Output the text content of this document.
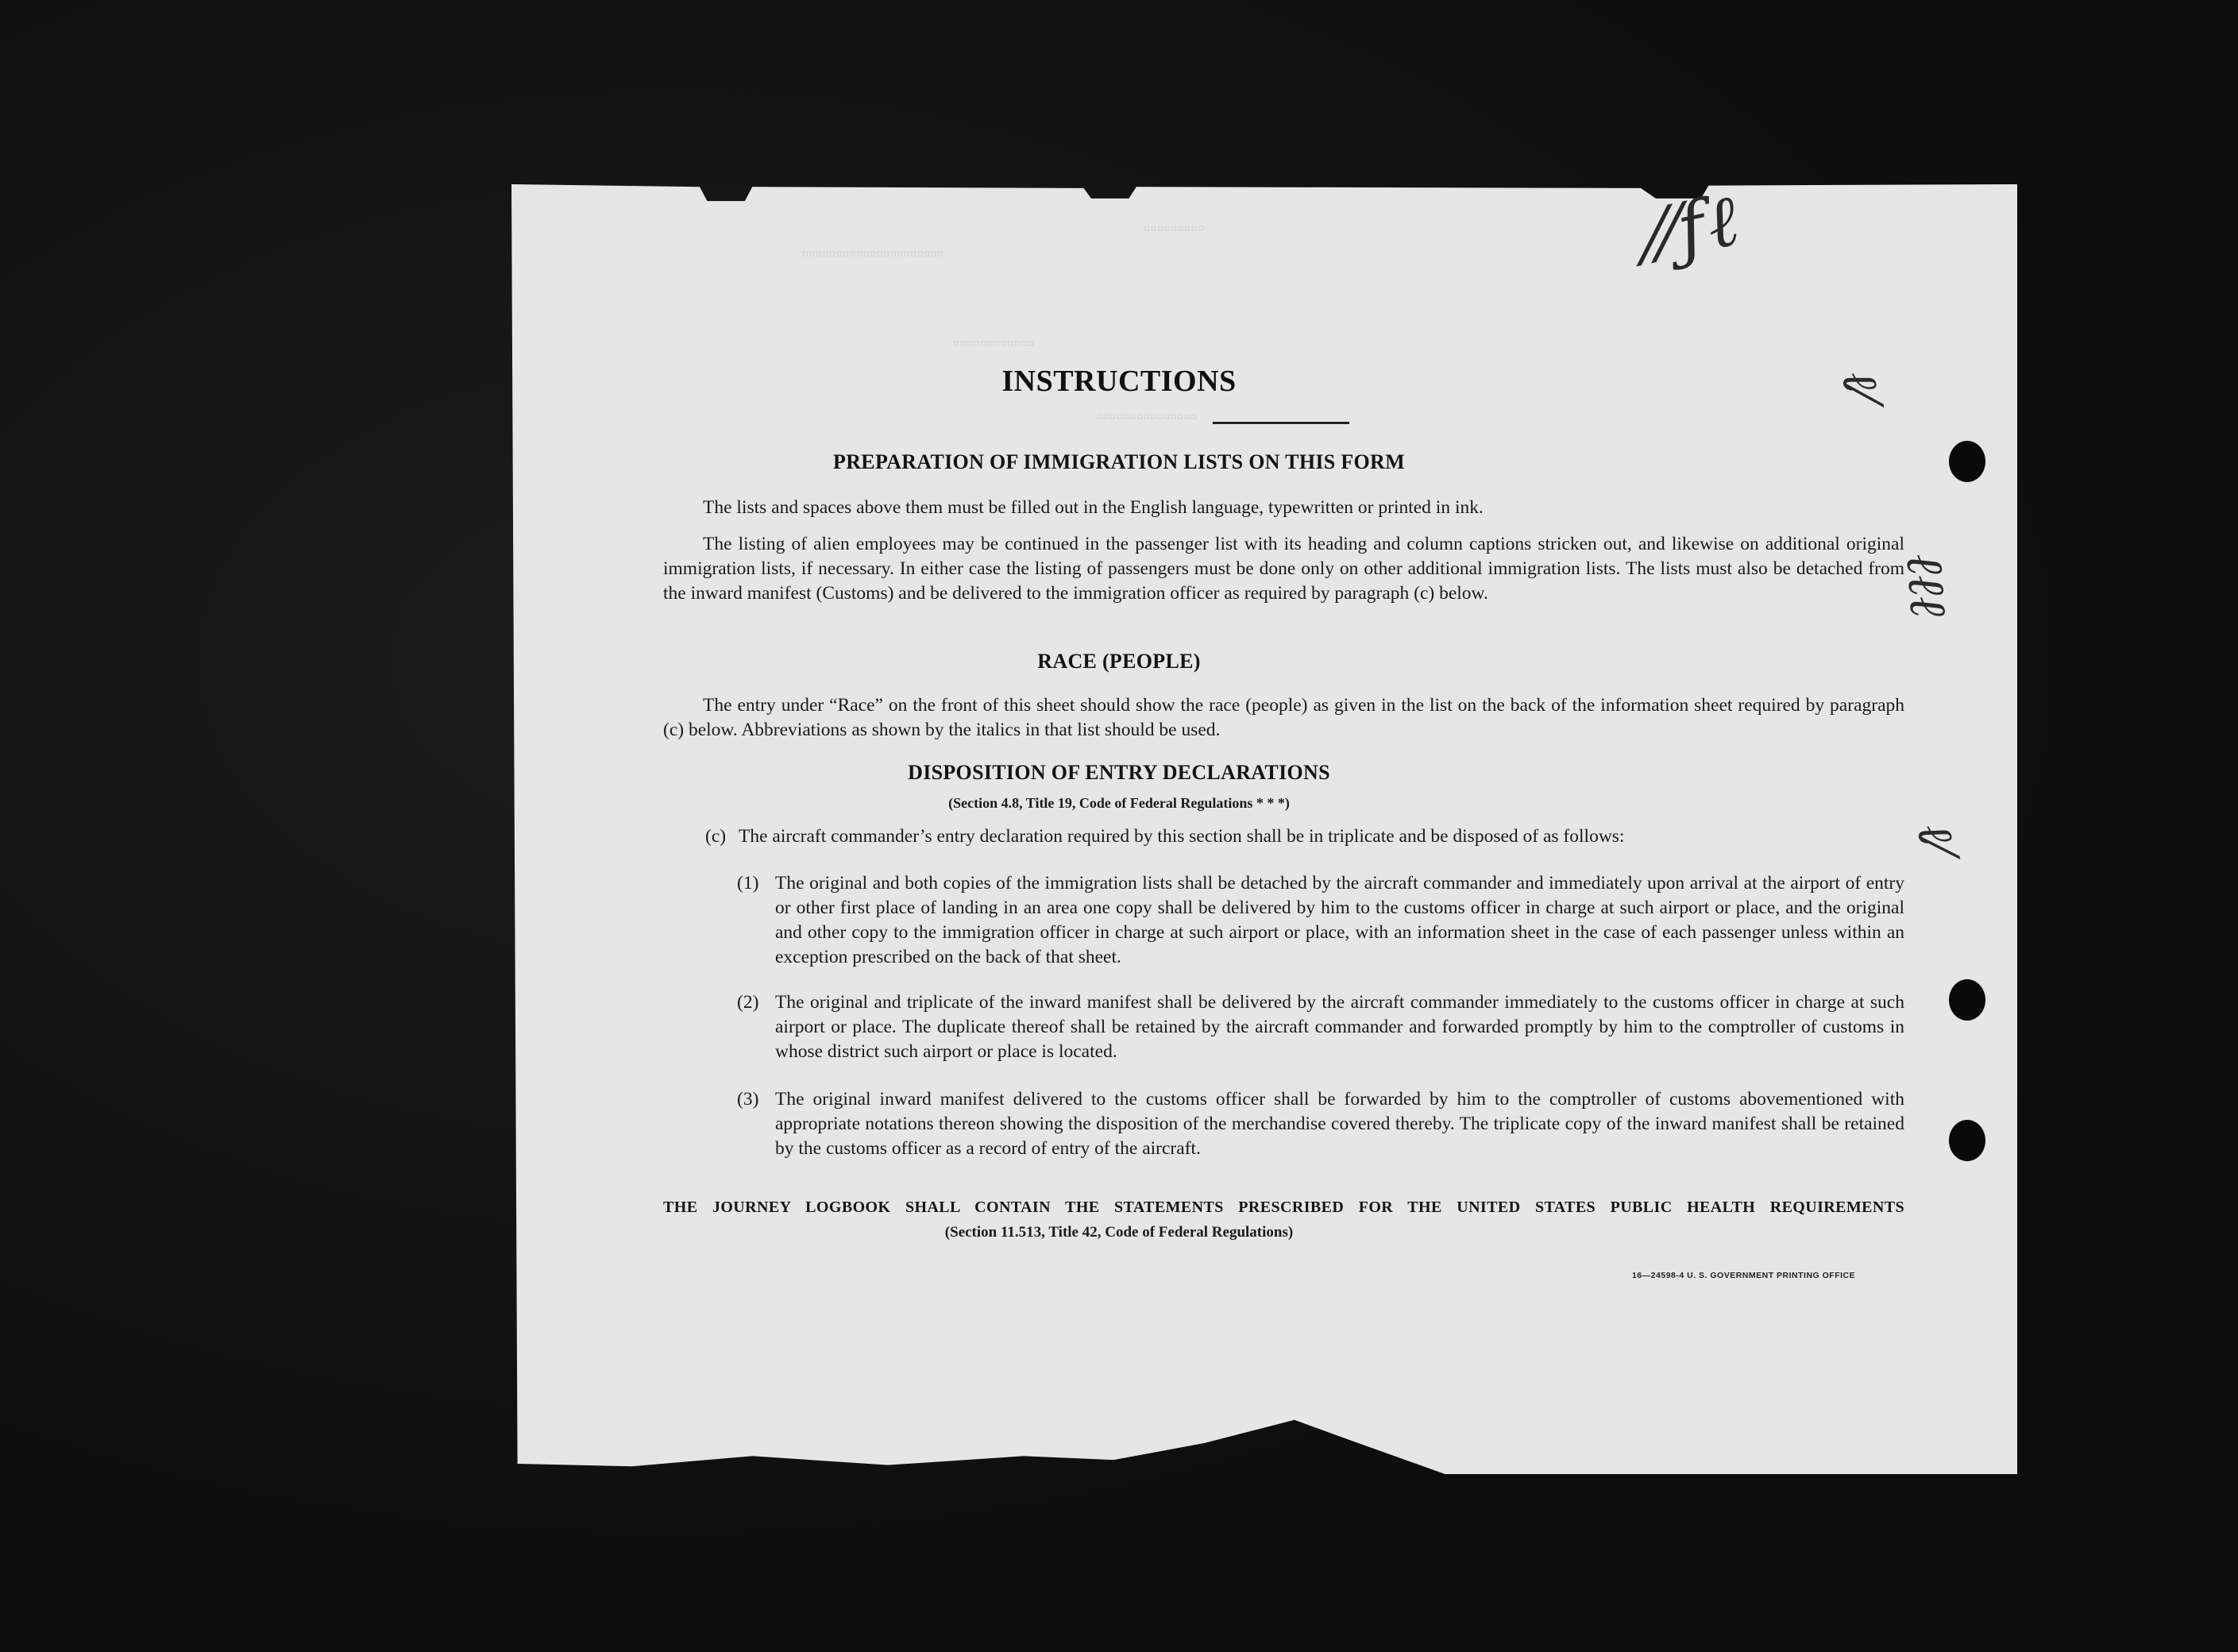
▫▫▫▫▫▫▫▫▫
▫▫▫▫▫▫▫▫▫▫▫▫▫▫▫▫▫▫▫▫▫
▫▫▫▫▫▫▫▫▫▫▫▫
▫▫▫▫▫▫▫▫▫▫▫▫▫▫▫
⁄⁄ƒℓ
ℓ⁄
ℓℓℓ
ℓ⁄
INSTRUCTIONS
PREPARATION OF IMMIGRATION LISTS ON THIS FORM

The lists and spaces above them must be filled out in the English language, typewritten or printed in ink.

The listing of alien employees may be continued in the passenger list with its heading and column captions stricken out, and likewise on additional original immigration lists, if necessary. In either case the listing of passengers must be done only on other additional immigration lists. The lists must also be detached from the inward manifest (Customs) and be delivered to the immigration officer as required by paragraph (c) below.

RACE (PEOPLE)

The entry under “Race” on the front of this sheet should show the race (people) as given in the list on the back of the information sheet required by paragraph (c) below. Abbreviations as shown by the italics in that list should be used.

DISPOSITION OF ENTRY DECLARATIONS
(Section 4.8, Title 19, Code of Federal Regulations * * *)
(c) The aircraft commander’s entry declaration required by this section shall be in triplicate and be disposed of as follows:
(1) The original and both copies of the immigration lists shall be detached by the aircraft commander and immediately upon arrival at the airport of entry or other first place of landing in an area one copy shall be delivered by him to the customs officer in charge at such airport or place, and the original and other copy to the immigration officer in charge at such airport or place, with an information sheet in the case of each passenger unless within an exception prescribed on the back of that sheet.
(2) The original and triplicate of the inward manifest shall be delivered by the aircraft commander immediately to the customs officer in charge at such airport or place. The duplicate thereof shall be retained by the aircraft commander and forwarded promptly by him to the comptroller of customs in whose district such airport or place is located.
(3) The original inward manifest delivered to the customs officer shall be forwarded by him to the comptroller of customs abovementioned with appropriate notations thereon showing the disposition of the merchandise covered thereby. The triplicate copy of the inward manifest shall be retained by the customs officer as a record of entry of the aircraft.
THE JOURNEY LOGBOOK SHALL CONTAIN THE STATEMENTS PRESCRIBED FOR THE UNITED STATES PUBLIC HEALTH REQUIREMENTS
(Section 11.513, Title 42, Code of Federal Regulations)
16—24598-4 U. S. GOVERNMENT PRINTING OFFICE
